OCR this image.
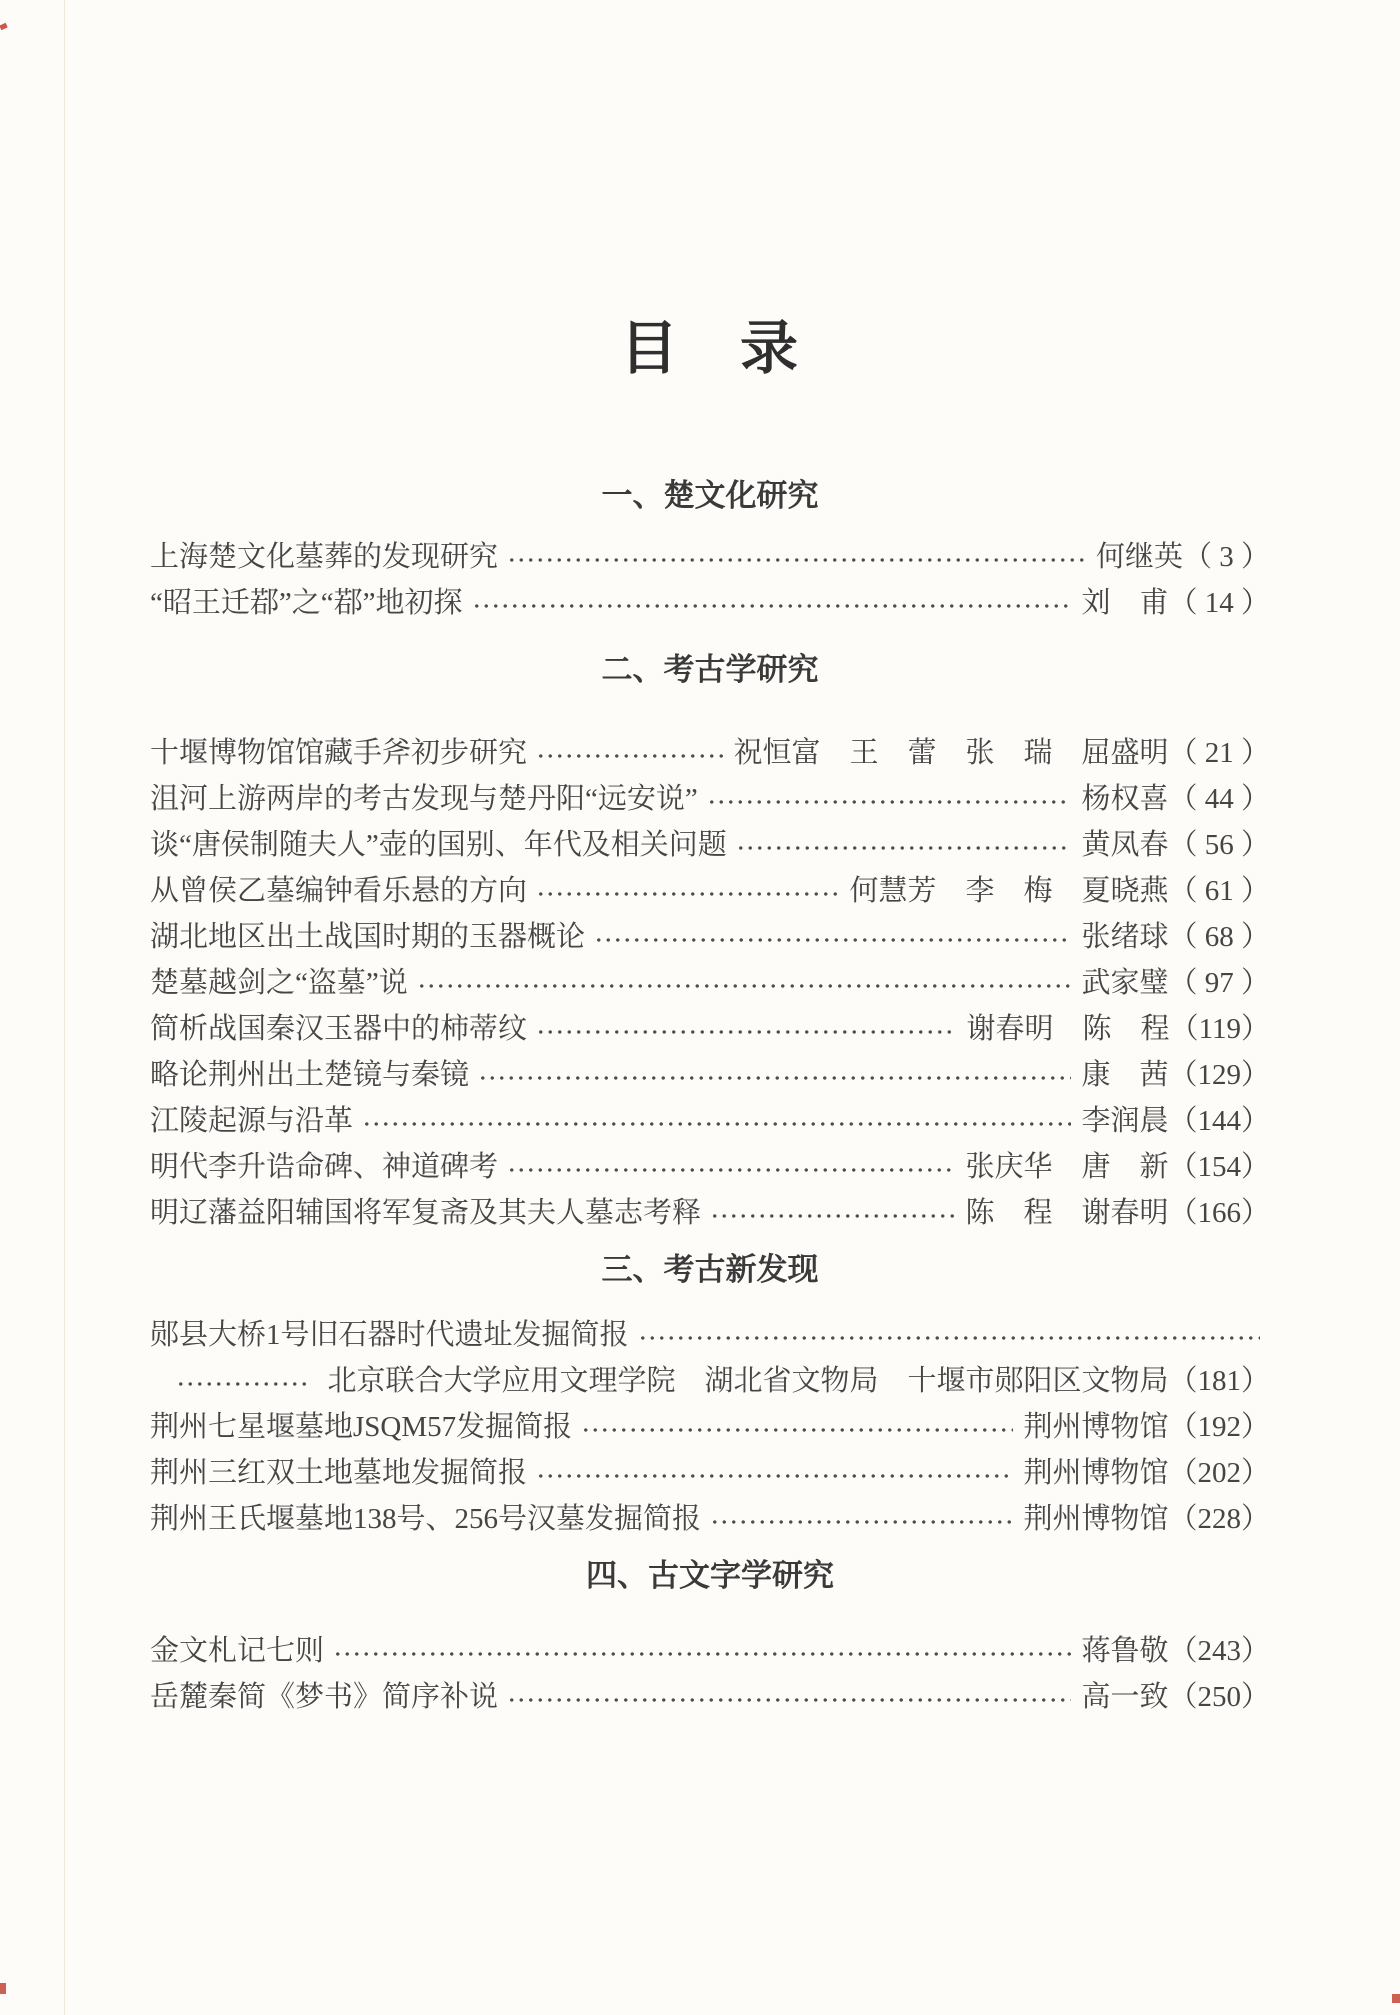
目　录
一、楚文化研究
上海楚文化墓葬的发现研究	何继英 （ 3 ）
“昭王迁鄀”之“鄀”地初探	刘　甫 （ 14 ）
二、考古学研究
十堰博物馆馆藏手斧初步研究	祝恒富　王　蕾　张　瑞　屈盛明 （ 21 ）
沮河上游两岸的考古发现与楚丹阳“远安说”	杨权喜 （ 44 ）
谈“唐侯制随夫人”壶的国别、年代及相关问题	黄凤春 （ 56 ）
从曾侯乙墓编钟看乐悬的方向	何慧芳　李　梅　夏晓燕 （ 61 ）
湖北地区出土战国时期的玉器概论	张绪球 （ 68 ）
楚墓越剑之“盗墓”说	武家璧 （ 97 ）
简析战国秦汉玉器中的柿蒂纹	谢春明　陈　程 （119）
略论荆州出土楚镜与秦镜	康　茜 （129）
江陵起源与沿革	李润晨 （144）
明代李升诰命碑、神道碑考	张庆华　唐　新 （154）
明辽藩益阳辅国将军复斋及其夫人墓志考释	陈　程　谢春明 （166）
三、考古新发现
郧县大桥1号旧石器时代遗址发掘简报
北京联合大学应用文理学院　湖北省文物局　十堰市郧阳区文物局 （181）
荆州七星堰墓地JSQM57发掘简报	荆州博物馆 （192）
荆州三红双土地墓地发掘简报	荆州博物馆 （202）
荆州王氏堰墓地138号、256号汉墓发掘简报	荆州博物馆 （228）
四、古文字学研究
金文札记七则	蒋鲁敬 （243）
岳麓秦简《梦书》简序补说	高一致 （250）
